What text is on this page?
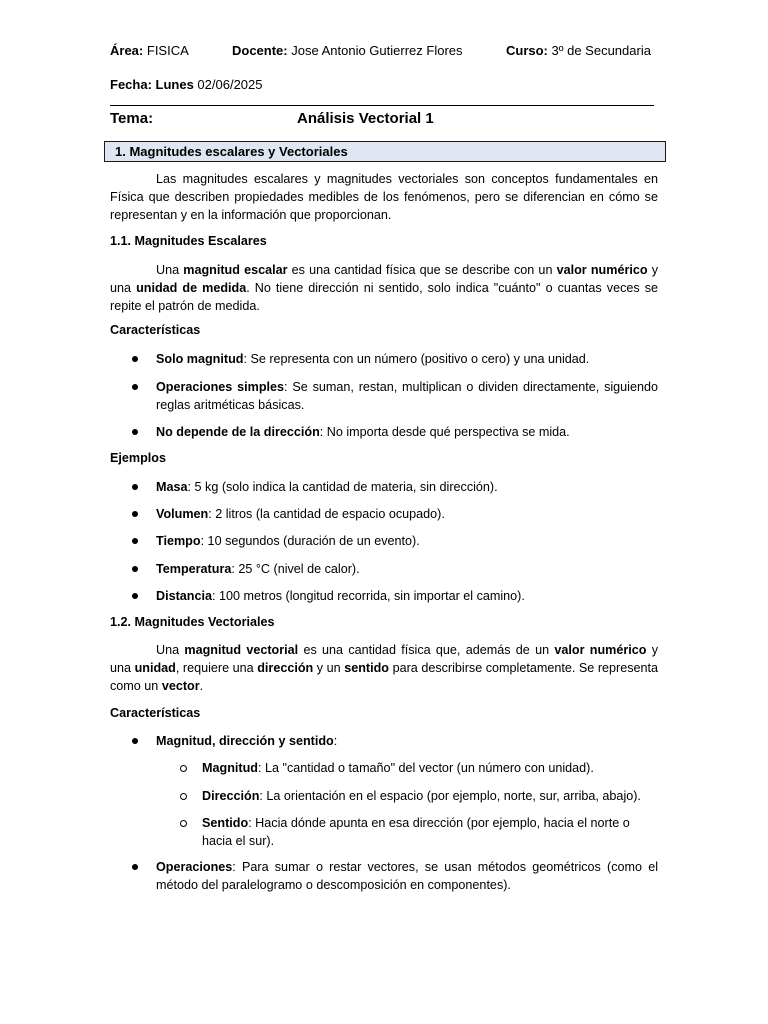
Área: FISICA	Docente: Jose Antonio Gutierrez Flores	Curso: 3º de Secundaria
Fecha: Lunes 02/06/2025
Tema:	Análisis Vectorial 1
1. Magnitudes escalares y Vectoriales
Las magnitudes escalares y magnitudes vectoriales son conceptos fundamentales en Física que describen propiedades medibles de los fenómenos, pero se diferencian en cómo se representan y en la información que proporcionan.
1.1. Magnitudes Escalares
Una magnitud escalar es una cantidad física que se describe con un valor numérico y una unidad de medida. No tiene dirección ni sentido, solo indica "cuánto" o cuantas veces se repite el patrón de medida.
Características
Solo magnitud: Se representa con un número (positivo o cero) y una unidad.
Operaciones simples: Se suman, restan, multiplican o dividen directamente, siguiendo reglas aritméticas básicas.
No depende de la dirección: No importa desde qué perspectiva se mida.
Ejemplos
Masa: 5 kg (solo indica la cantidad de materia, sin dirección).
Volumen: 2 litros (la cantidad de espacio ocupado).
Tiempo: 10 segundos (duración de un evento).
Temperatura: 25 °C (nivel de calor).
Distancia: 100 metros (longitud recorrida, sin importar el camino).
1.2. Magnitudes Vectoriales
Una magnitud vectorial es una cantidad física que, además de un valor numérico y una unidad, requiere una dirección y un sentido para describirse completamente. Se representa como un vector.
Características
Magnitud, dirección y sentido:
Magnitud: La "cantidad o tamaño" del vector (un número con unidad).
Dirección: La orientación en el espacio (por ejemplo, norte, sur, arriba, abajo).
Sentido: Hacia dónde apunta en esa dirección (por ejemplo, hacia el norte o hacia el sur).
Operaciones: Para sumar o restar vectores, se usan métodos geométricos (como el método del paralelogramo o descomposición en componentes).
